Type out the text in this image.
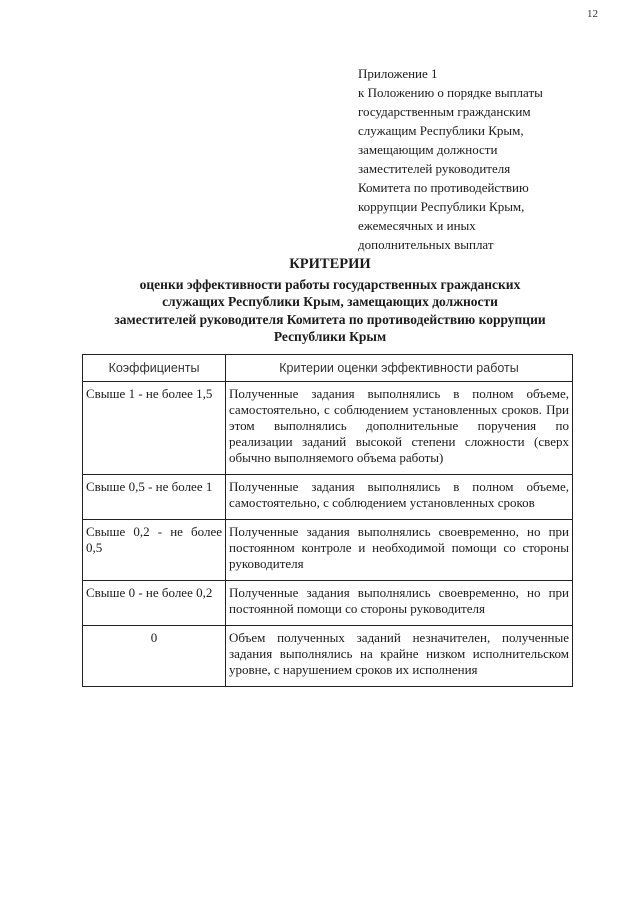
12
Приложение 1
к Положению о порядке выплаты
государственным гражданским
служащим Республики Крым,
замещающим должности
заместителей руководителя
Комитета по противодействию
коррупции Республики Крым,
ежемесячных и иных
дополнительных выплат
КРИТЕРИИ
оценки эффективности работы государственных гражданских
служащих Республики Крым, замещающих должности
заместителей руководителя Комитета по противодействию коррупции
Республики Крым
Коэффициенты	Критерии оценки эффективности работы
Свыше 1 - не более 1,5	Полученные задания выполнялись в полном объеме, самостоятельно, с соблюдением установленных сроков. При этом выполнялись дополнительные поручения по реализации заданий высокой степени сложности (сверх обычно выполняемого объема работы)
Свыше 0,5 - не более 1	Полученные задания выполнялись в полном объеме, самостоятельно, с соблюдением установленных сроков
Свыше 0,2 - не более 0,5	Полученные задания выполнялись своевременно, но при постоянном контроле и необходимой помощи со стороны руководителя
Свыше 0 - не более 0,2	Полученные задания выполнялись своевременно, но при постоянной помощи со стороны руководителя
0	Объем полученных заданий незначителен, полученные задания выполнялись на крайне низком исполнительском уровне, с нарушением сроков их исполнения
